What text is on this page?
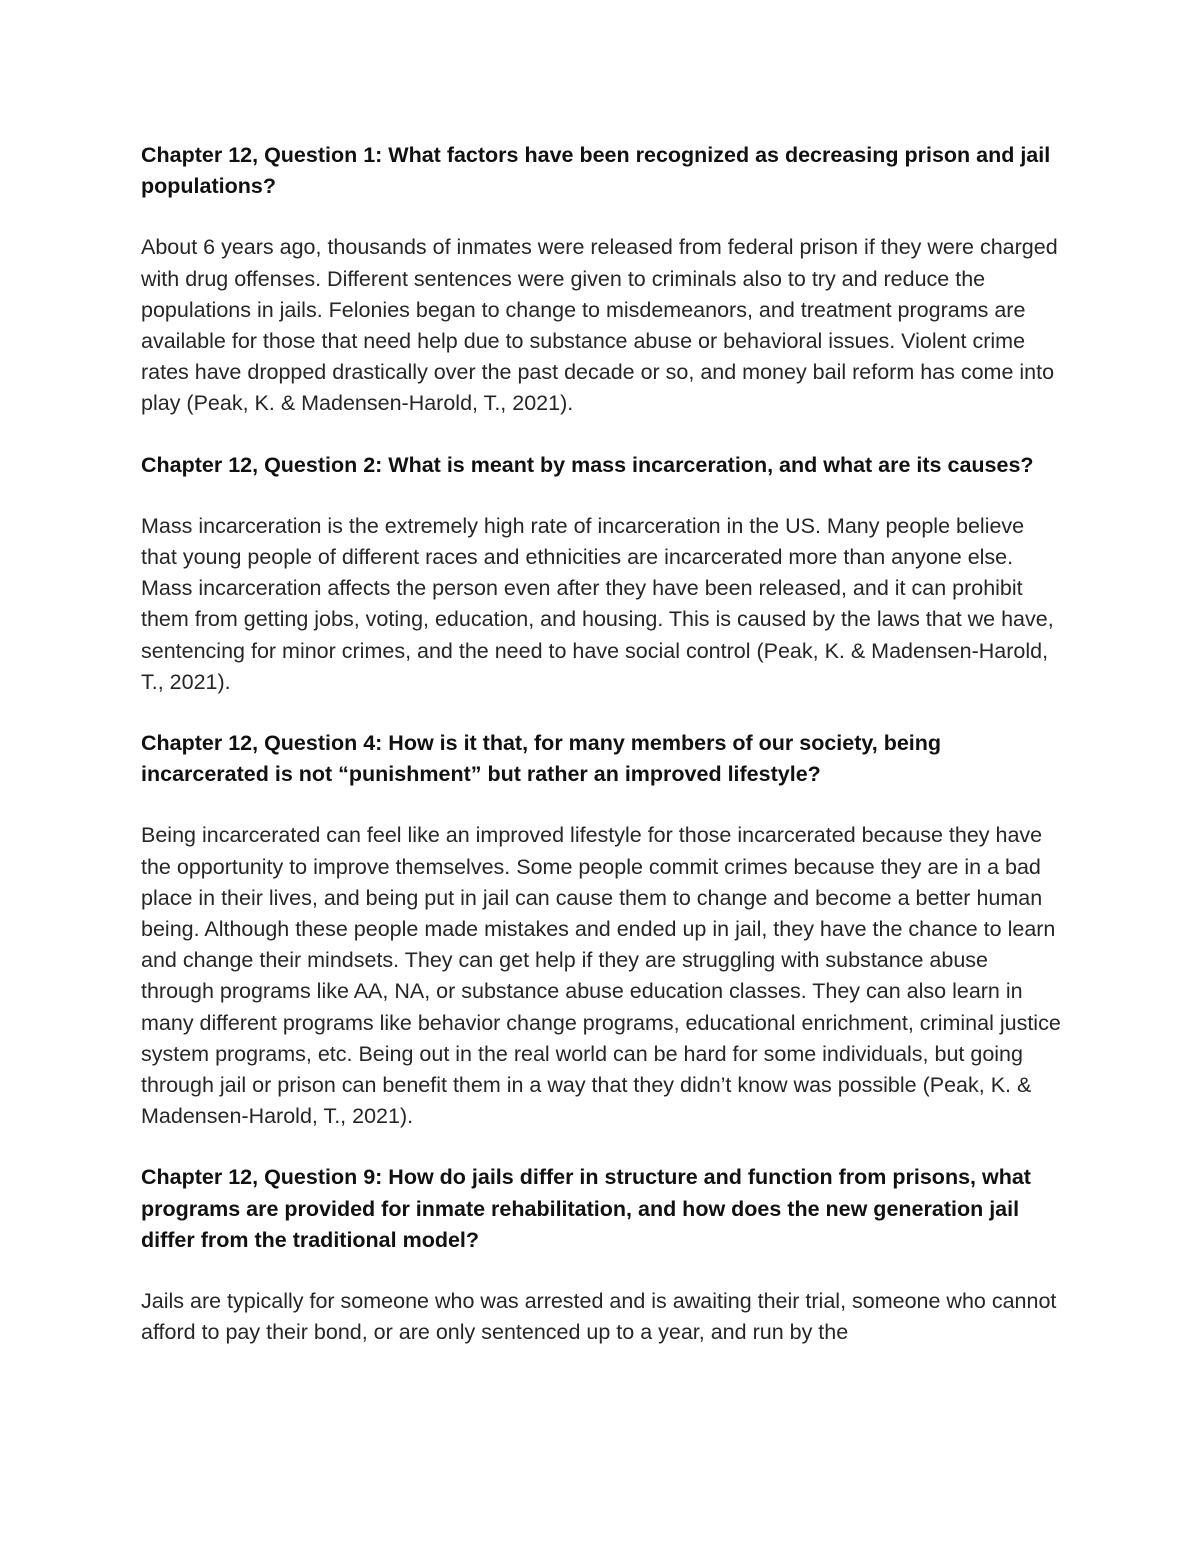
Chapter 12, Question 1: What factors have been recognized as decreasing prison and jail populations?

About 6 years ago, thousands of inmates were released from federal prison if they were charged with drug offenses. Different sentences were given to criminals also to try and reduce the populations in jails. Felonies began to change to misdemeanors, and treatment programs are available for those that need help due to substance abuse or behavioral issues. Violent crime rates have dropped drastically over the past decade or so, and money bail reform has come into play (Peak, K. & Madensen-Harold, T., 2021).

Chapter 12, Question 2: What is meant by mass incarceration, and what are its causes?

Mass incarceration is the extremely high rate of incarceration in the US. Many people believe that young people of different races and ethnicities are incarcerated more than anyone else. Mass incarceration affects the person even after they have been released, and it can prohibit them from getting jobs, voting, education, and housing. This is caused by the laws that we have, sentencing for minor crimes, and the need to have social control (Peak, K. & Madensen-Harold, T., 2021).

Chapter 12, Question 4: How is it that, for many members of our society, being incarcerated is not “punishment” but rather an improved lifestyle?

Being incarcerated can feel like an improved lifestyle for those incarcerated because they have the opportunity to improve themselves. Some people commit crimes because they are in a bad place in their lives, and being put in jail can cause them to change and become a better human being. Although these people made mistakes and ended up in jail, they have the chance to learn and change their mindsets. They can get help if they are struggling with substance abuse through programs like AA, NA, or substance abuse education classes. They can also learn in many different programs like behavior change programs, educational enrichment, criminal justice system programs, etc. Being out in the real world can be hard for some individuals, but going through jail or prison can benefit them in a way that they didn’t know was possible (Peak, K. & Madensen-Harold, T., 2021).

Chapter 12, Question 9: How do jails differ in structure and function from prisons, what programs are provided for inmate rehabilitation, and how does the new generation jail differ from the traditional model?

Jails are typically for someone who was arrested and is awaiting their trial, someone who cannot afford to pay their bond, or are only sentenced up to a year, and run by the
